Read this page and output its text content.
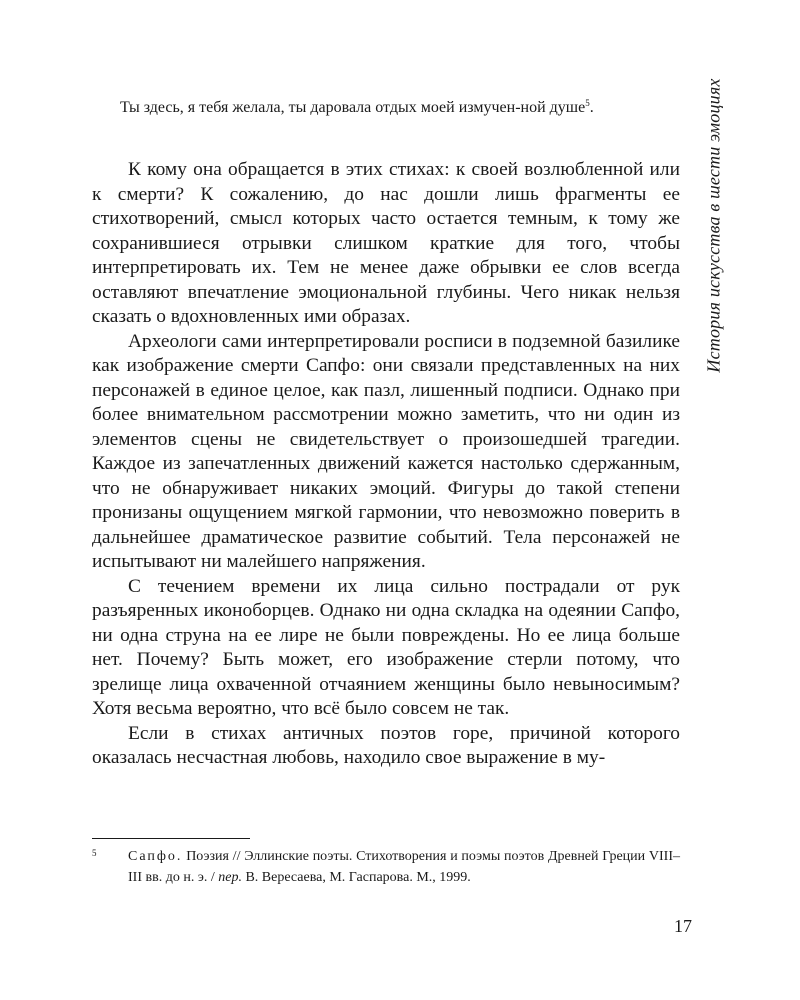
История искусства в шести эмоциях

Ты здесь, я тебя желала, ты даровала отдых моей измучен-ной душе$^5$.

К кому она обращается в этих стихах: к своей возлюбленной или к смерти? К сожалению, до нас дошли лишь фрагменты ее стихотворений, смысл которых часто остается темным, к тому же сохранившиеся отрывки слишком краткие для того, чтобы интерпретировать их. Тем не менее даже обрывки ее слов всегда оставляют впечатление эмоциональной глубины. Чего никак нельзя сказать о вдохновленных ими образах.

Археологи сами интерпретировали росписи в подземной базилике как изображение смерти Сапфо: они связали представленных на них персонажей в единое целое, как пазл, лишенный подписи. Однако при более внимательном рассмотрении можно заметить, что ни один из элементов сцены не свидетельствует о произошедшей трагедии. Каждое из запечатленных движений кажется настолько сдержанным, что не обнаруживает никаких эмоций. Фигуры до такой степени пронизаны ощущением мягкой гармонии, что невозможно поверить в дальнейшее драматическое развитие событий. Тела персонажей не испытывают ни малейшего напряжения.

С течением времени их лица сильно пострадали от рук разъяренных иконоборцев. Однако ни одна складка на одеянии Сапфо, ни одна струна на ее лире не были повреждены. Но ее лица больше нет. Почему? Быть может, его изображение стерли потому, что зрелище лица охваченной отчаянием женщины было невыносимым? Хотя весьма вероятно, что всё было совсем не так.

Если в стихах античных поэтов горе, причиной которого оказалась несчастная любовь, находило свое выражение в му-

5	Сапфо. Поэзия // Эллинские поэты. Стихотворения и поэмы поэтов Древней Греции VIII–III вв. до н. э. / пер. В. Вересаева, М. Гаспарова. М., 1999.
17
